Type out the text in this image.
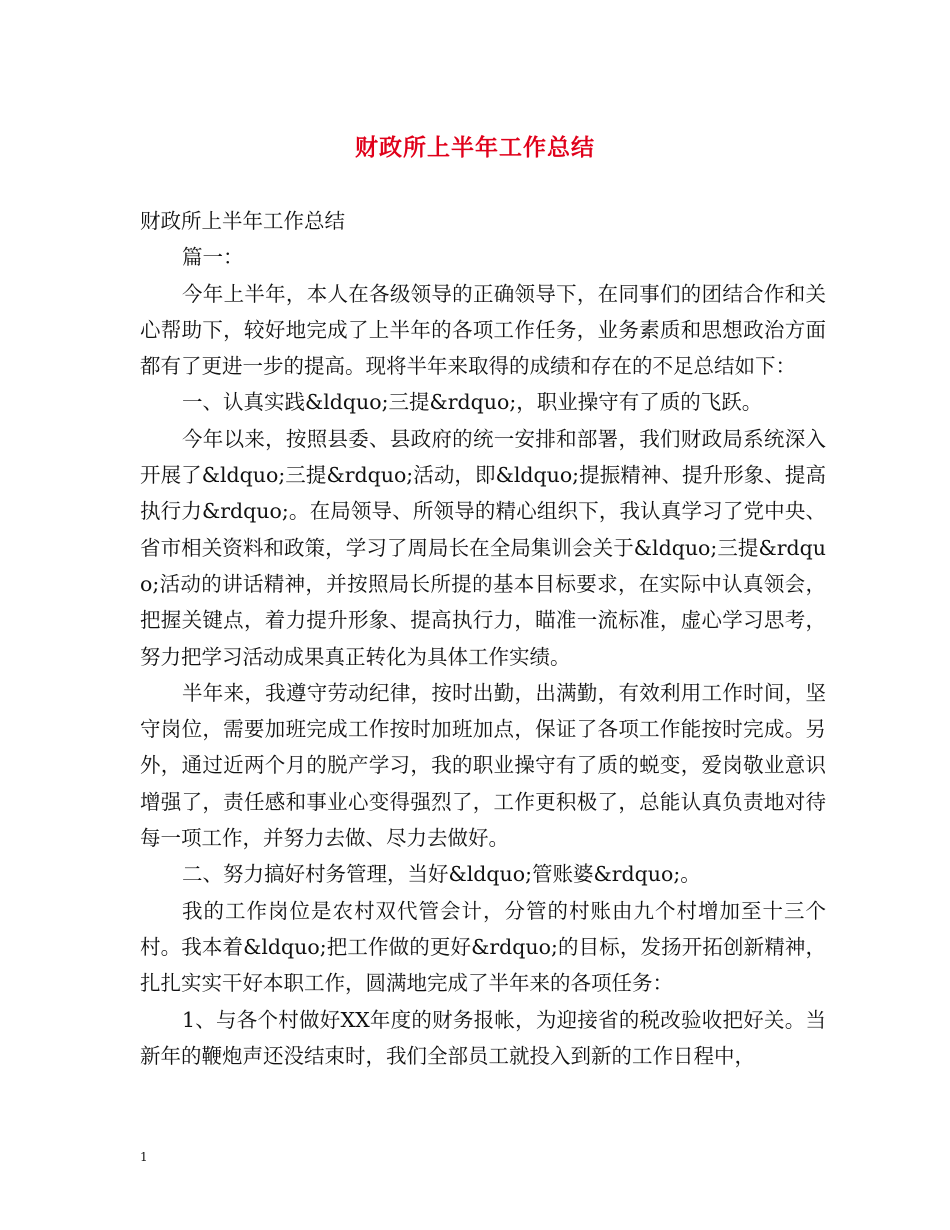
财政所上半年工作总结

财政所上半年工作总结

篇一：

今年上半年，本人在各级领导的正确领导下，在同事们的团结合作和关心帮助下，较好地完成了上半年的各项工作任务，业务素质和思想政治方面都有了更进一步的提高。现将半年来取得的成绩和存在的不足总结如下：

一、认真实践&ldquo;三提&rdquo;，职业操守有了质的飞跃。

今年以来，按照县委、县政府的统一安排和部署，我们财政局系统深入开展了&ldquo;三提&rdquo;活动，即&ldquo;提振精神、提升形象、提高执行力&rdquo;。在局领导、所领导的精心组织下，我认真学习了党中央、省市相关资料和政策，学习了周局长在全局集训会关于&ldquo;三提&rdquo;活动的讲话精神，并按照局长所提的基本目标要求，在实际中认真领会，把握关键点，着力提升形象、提高执行力，瞄准一流标准，虚心学习思考，努力把学习活动成果真正转化为具体工作实绩。

半年来，我遵守劳动纪律，按时出勤，出满勤，有效利用工作时间，坚守岗位，需要加班完成工作按时加班加点，保证了各项工作能按时完成。另外，通过近两个月的脱产学习，我的职业操守有了质的蜕变，爱岗敬业意识增强了，责任感和事业心变得强烈了，工作更积极了，总能认真负责地对待每一项工作，并努力去做、尽力去做好。

二、努力搞好村务管理，当好&ldquo;管账婆&rdquo;。

我的工作岗位是农村双代管会计，分管的村账由九个村增加至十三个村。我本着&ldquo;把工作做的更好&rdquo;的目标，发扬开拓创新精神，扎扎实实干好本职工作，圆满地完成了半年来的各项任务：

1、与各个村做好XX年度的财务报帐，为迎接省的税改验收把好关。当新年的鞭炮声还没结束时，我们全部员工就投入到新的工作日程中，

1
